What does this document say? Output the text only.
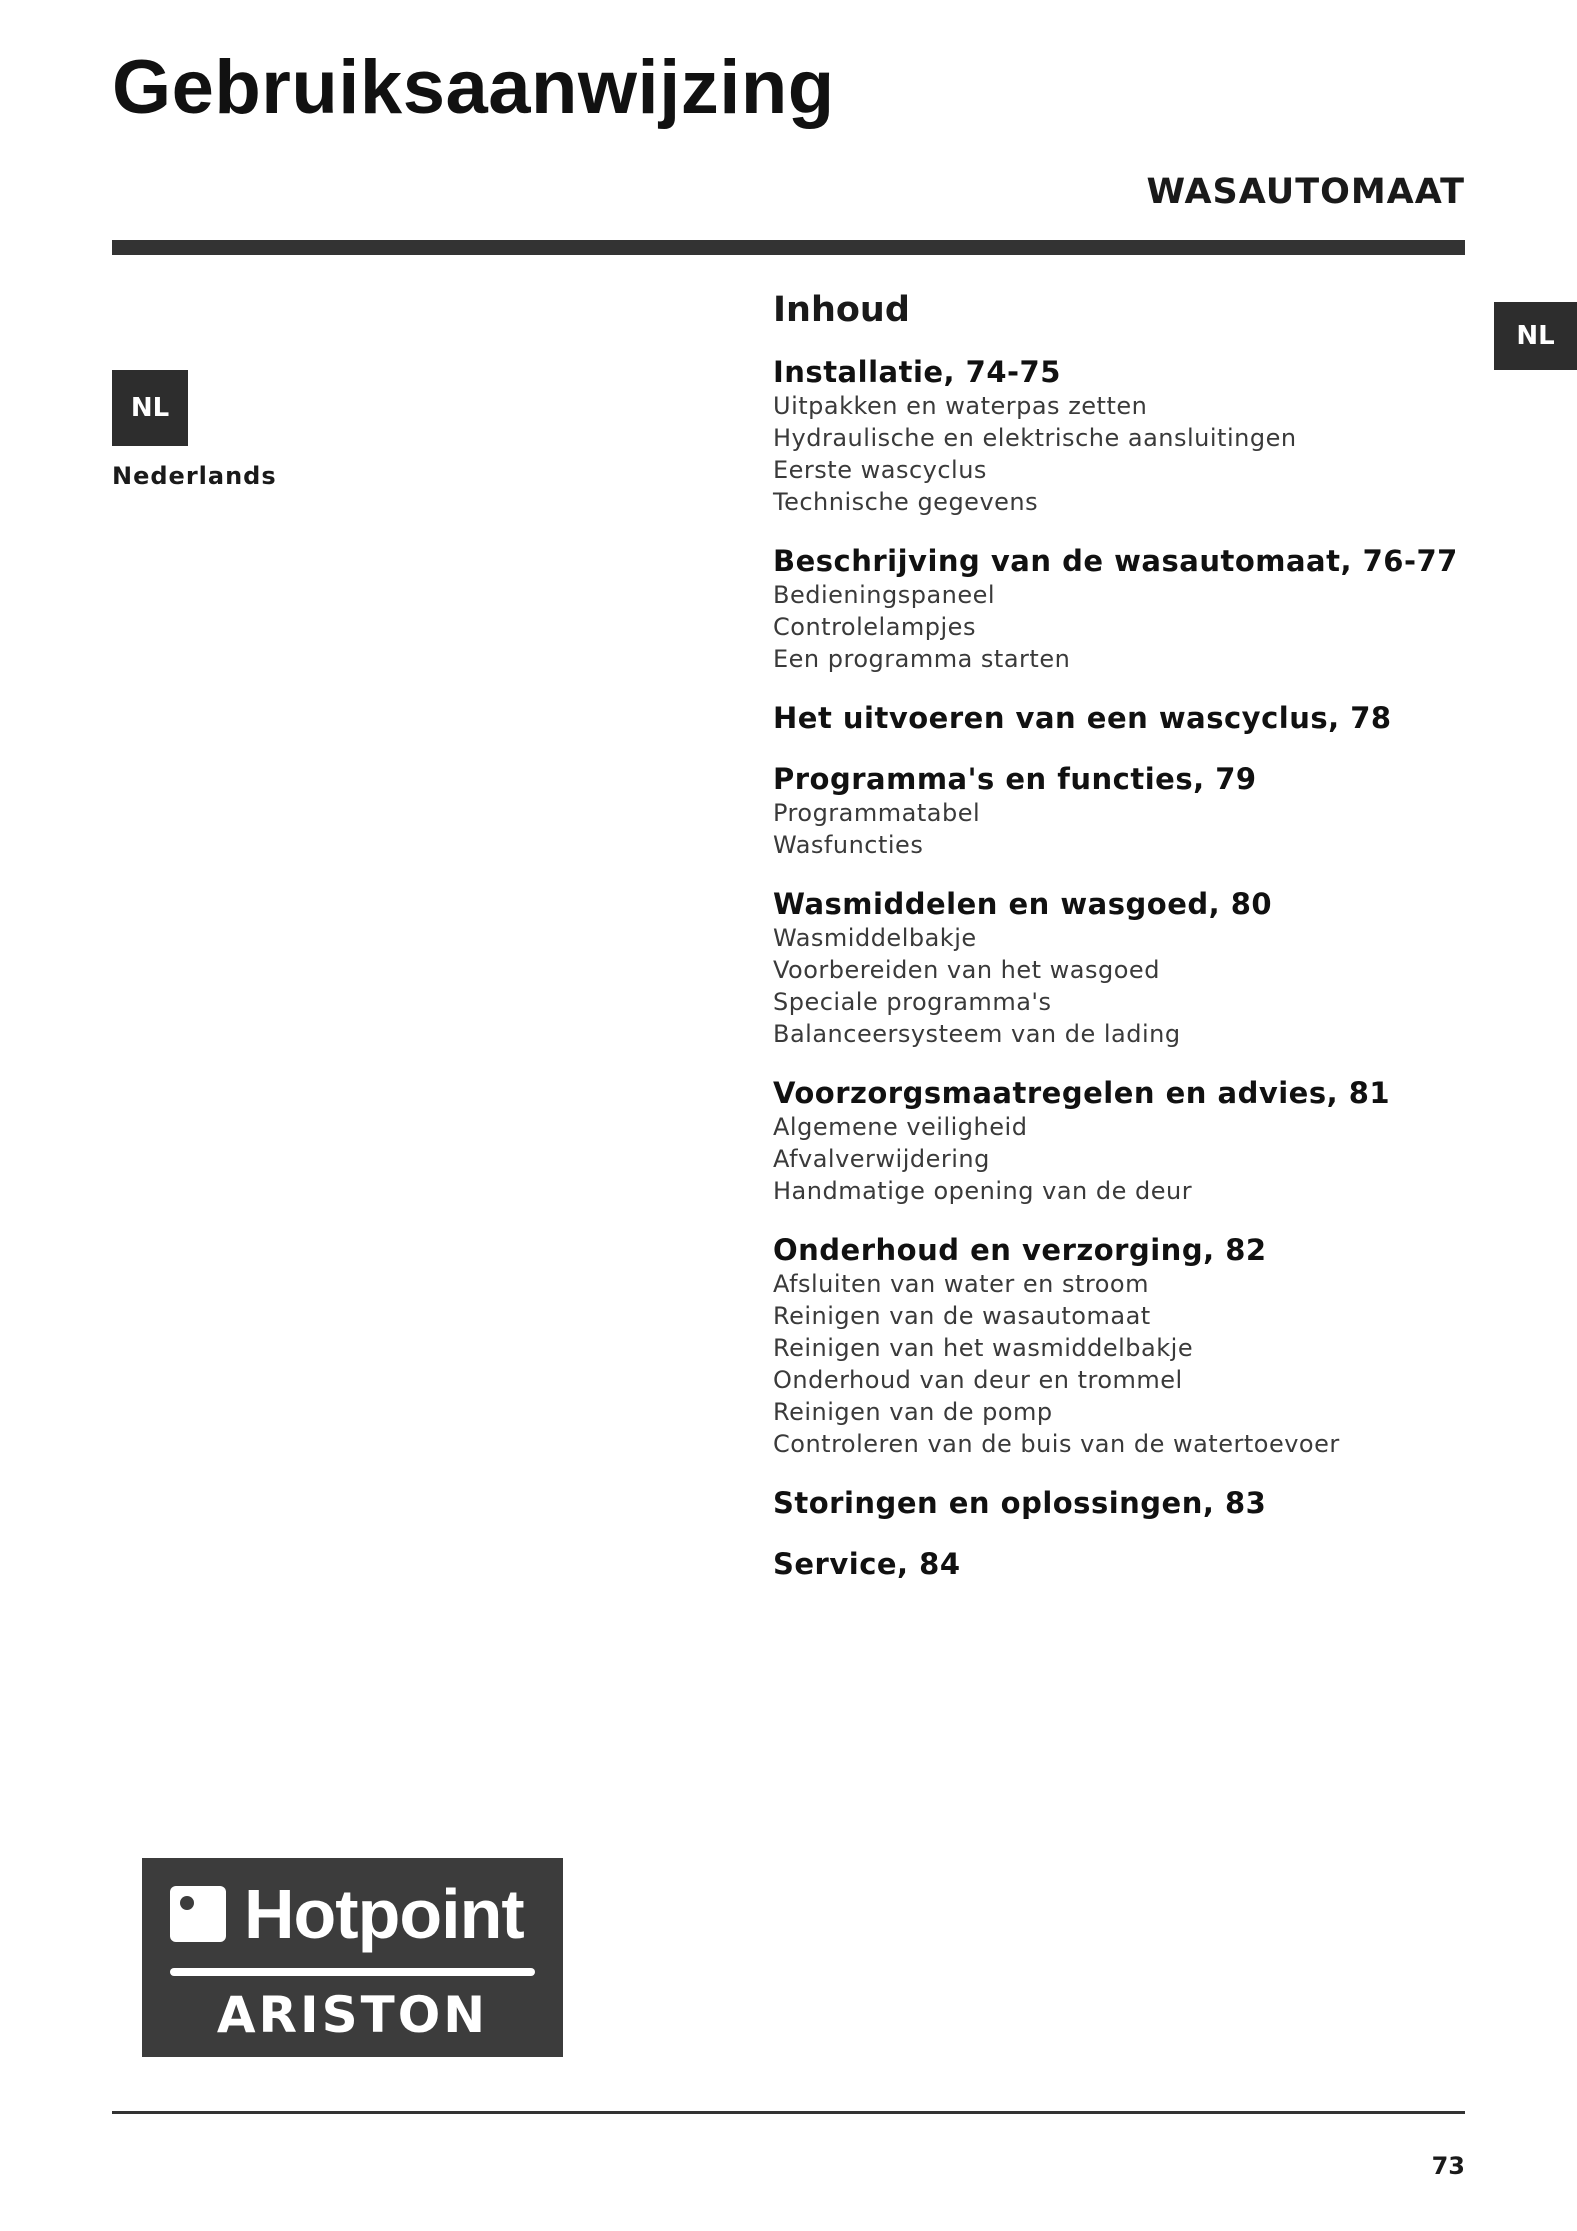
Gebruiksaanwijzing
WASAUTOMAAT
NL
Nederlands
NL
Inhoud
Installatie, 74-75
Uitpakken en waterpas zetten
Hydraulische en elektrische aansluitingen
Eerste wascyclus
Technische gegevens
Beschrijving van de wasautomaat, 76-77
Bedieningspaneel
Controlelampjes
Een programma starten
Het uitvoeren van een wascyclus, 78
Programma's en functies, 79
Programmatabel
Wasfuncties
Wasmiddelen en wasgoed, 80
Wasmiddelbakje
Voorbereiden van het wasgoed
Speciale programma's
Balanceersysteem van de lading
Voorzorgsmaatregelen en advies, 81
Algemene veiligheid
Afvalverwijdering
Handmatige opening van de deur
Onderhoud en verzorging, 82
Afsluiten van water en stroom
Reinigen van de wasautomaat
Reinigen van het wasmiddelbakje
Onderhoud van deur en trommel
Reinigen van de pomp
Controleren van de buis van de watertoevoer
Storingen en oplossingen, 83
Service, 84
Hotpoint
ARISTON
73
